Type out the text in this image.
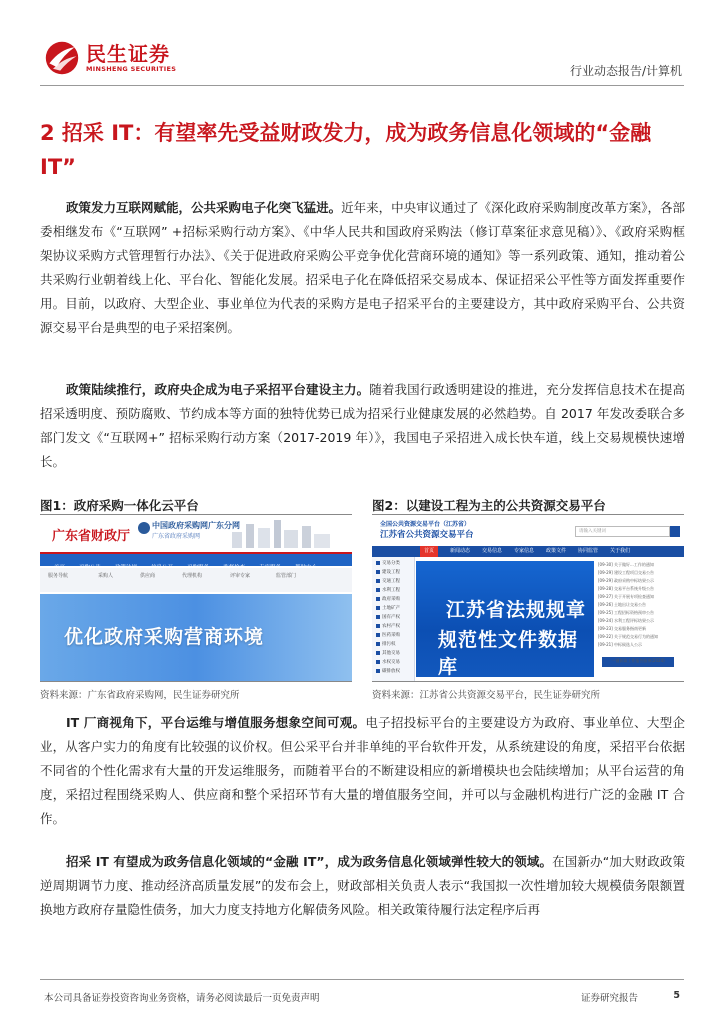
民生证券
MINSHENG SECURITIES	行业动态报告/计算机
2 招采 IT：有望率先受益财政发力，成为政务信息化领域的“金融 IT”

政策发力互联网赋能，公共采购电子化突飞猛进。近年来，中央审议通过了《深化政府采购制度改革方案》，各部委相继发布《“互联网” +招标采购行动方案》、《中华人民共和国政府采购法（修订草案征求意见稿）》、《政府采购框架协议采购方式管理暂行办法》、《关于促进政府采购公平竞争优化营商环境的通知》等一系列政策、通知，推动着公共采购行业朝着线上化、平台化、智能化发展。招采电子化在降低招采交易成本、保证招采公平性等方面发挥重要作用。目前，以政府、大型企业、事业单位为代表的采购方是电子招采平台的主要建设方，其中政府采购平台、公共资源交易平台是典型的电子采招案例。

政策陆续推行，政府央企成为电子采招平台建设主力。随着我国行政透明建设的推进，充分发挥信息技术在提高招采透明度、预防腐败、节约成本等方面的独特优势已成为招采行业健康发展的必然趋势。自 2017 年发改委联合多部门发文《“互联网+” 招标采购行动方案（2017-2019 年）》，我国电子采招进入成长快车道，线上交易规模快速增长。

图1：政府采购一体化云平台
广东省财政厅
中国政府采购网广东分网
广东省政府采购网
服务导航	采购人	供应商	代理机构	评审专家	监管部门
优化政府采购营商环境
资料来源：广东省政府采购网，民生证券研究所
图2：以建设工程为主的公共资源交易平台
全国公共资源交易平台（江苏省）
江苏省公共资源交易平台	请输入关键词
首页	新闻动态 交易信息 专家信息 政策文件 协同监管 关于我们
交易分类
建设工程
交通工程
水利工程
政府采购
土地矿产
国有产权
农村产权
医药采购
排污权
其他交易
水权交易
碳排放权
江苏省法规规章
规范性文件数据库
[09-30] 关于做好...工作的通知
[09-29] 建设工程项目交易公告
[09-29] 政府采购中标结果公示
[09-28] 交易平台系统升级公告
[09-27] 关于开展专项检查通知
[09-26] 土地出让交易公告
[09-25] 工程招标资格预审公告
[09-24] 水利工程评标结果公示
[09-23] 交易服务指南更新
[09-22] 关于规范交易行为的通知
[09-21] 中标候选人公示
一键获取工作报告服务(2024)
资料来源：江苏省公共资源交易平台，民生证券研究所

IT 厂商视角下，平台运维与增值服务想象空间可观。电子招投标平台的主要建设方为政府、事业单位、大型企业，从客户实力的角度有比较强的议价权。但公采平台并非单纯的平台软件开发，从系统建设的角度，采招平台依据不同省的个性化需求有大量的开发运维服务，而随着平台的不断建设相应的新增模块也会陆续增加；从平台运营的角度，采招过程围绕采购人、供应商和整个采招环节有大量的增值服务空间，并可以与金融机构进行广泛的金融 IT 合作。

招采 IT 有望成为政务信息化领域的“金融 IT”，成为政务信息化领域弹性较大的领域。在国新办“加大财政政策逆周期调节力度、推动经济高质量发展”的发布会上，财政部相关负责人表示“我国拟一次性增加较大规模债务限额置换地方政府存量隐性债务，加大力度支持地方化解债务风险。相关政策待履行法定程序后再

本公司具备证券投资咨询业务资格，请务必阅读最后一页免责声明	证券研究报告	5
